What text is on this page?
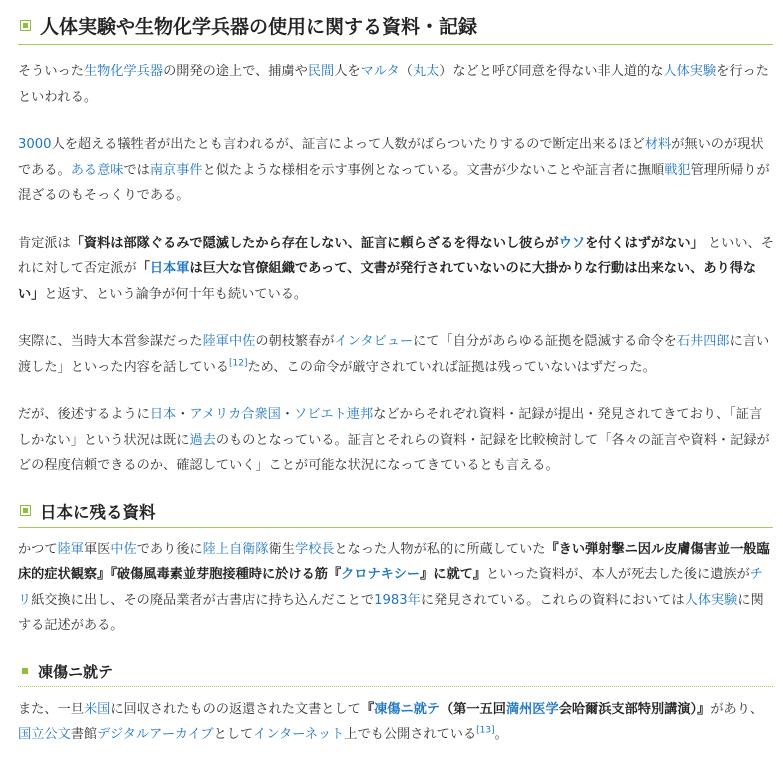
人体実験や生物化学兵器の使用に関する資料・記録

そういった生物化学兵器の開発の途上で、捕虜や民間人をマルタ（丸太）などと呼び同意を得ない非人道的な人体実験を行ったといわれる。

3000人を超える犠牲者が出たとも言われるが、証言によって人数がばらついたりするので断定出来るほど材料が無いのが現状である。ある意味では南京事件と似たような様相を示す事例となっている。文書が少ないことや証言者に撫順戦犯管理所帰りが混ざるのもそっくりである。

肯定派は「資料は部隊ぐるみで隠滅したから存在しない、証言に頼らざるを得ないし彼らがウソを付くはずがない」 といい、それに対して否定派が「日本軍は巨大な官僚組織であって、文書が発行されていないのに大掛かりな行動は出来ない、あり得ない」と返す、という論争が何十年も続いている。

実際に、当時大本営参謀だった陸軍中佐の朝枝繁春がインタビューにて「自分があらゆる証拠を隠滅する命令を石井四郎に言い渡した」といった内容を話している[12]ため、この命令が厳守されていれば証拠は残っていないはずだった。

だが、後述するように日本・アメリカ合衆国・ソビエト連邦などからそれぞれ資料・記録が提出・発見されてきており、「証言しかない」という状況は既に過去のものとなっている。証言とそれらの資料・記録を比較検討して「各々の証言や資料・記録がどの程度信頼できるのか、確認していく」ことが可能な状況になってきているとも言える。

日本に残る資料

かつて陸軍軍医中佐であり後に陸上自衛隊衛生学校長となった人物が私的に所蔵していた『きい弾射撃ニ因ル皮膚傷害並一般臨床的症状観察』『破傷風毒素並芽胞接種時に於ける筋『クロナキシー』に就て』といった資料が、本人が死去した後に遺族がチリ紙交換に出し、その廃品業者が古書店に持ち込んだことで1983年に発見されている。これらの資料においては人体実験に関する記述がある。

凍傷ニ就テ

また、一旦米国に回収されたものの返還された文書として『凍傷ニ就テ（第一五回満州医学会哈爾浜支部特別講演）』があり、国立公文書館デジタルアーカイブとしてインターネット上でも公開されている[13]。
